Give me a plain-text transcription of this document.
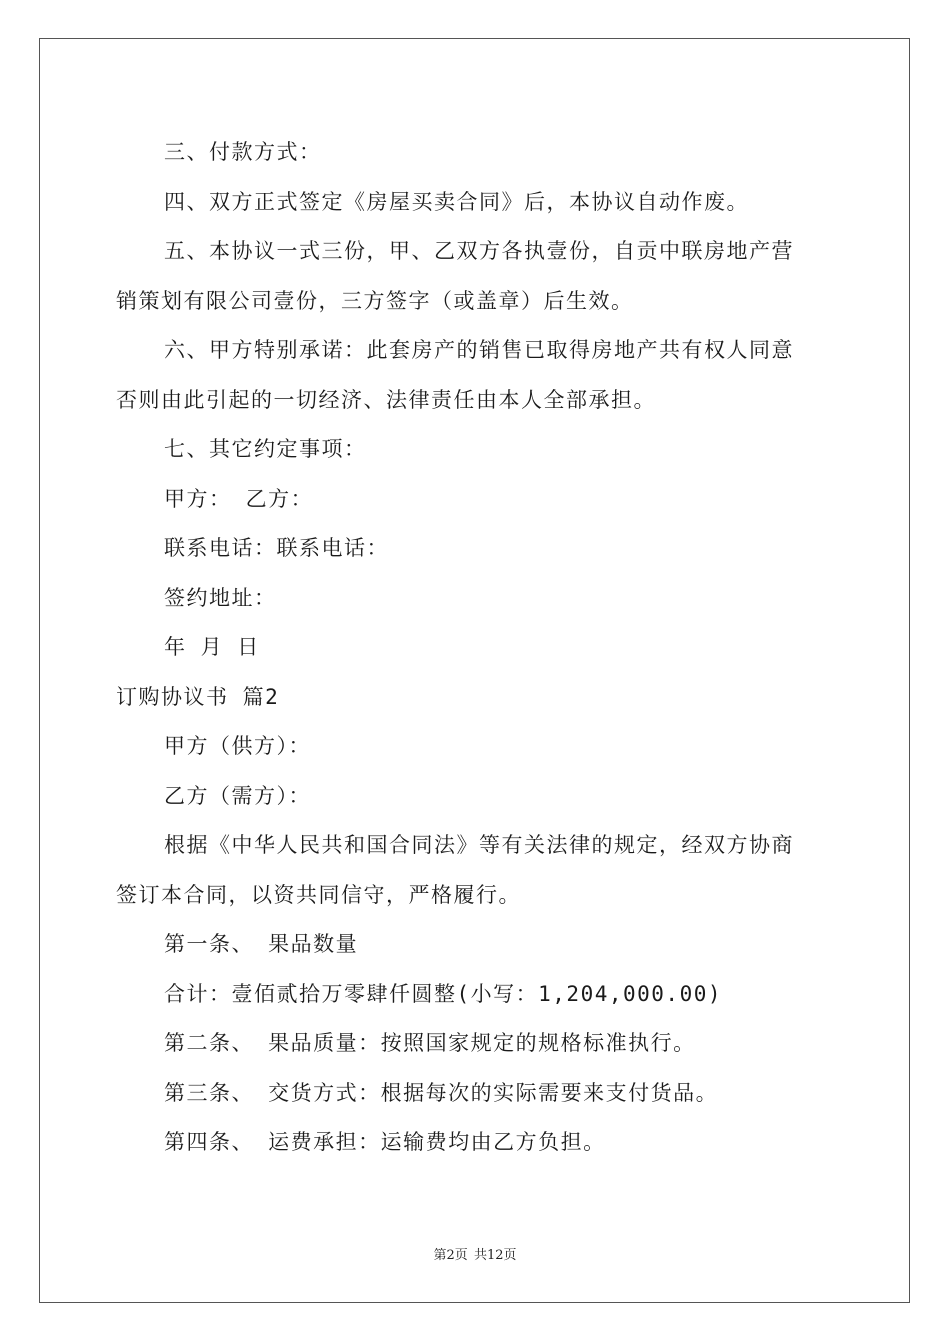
三、付款方式：
四、双方正式签定《房屋买卖合同》后，本协议自动作废。
五、本协议一式三份，甲、乙双方各执壹份，自贡中联房地产营
销策划有限公司壹份，三方签字（或盖章）后生效。
六、甲方特别承诺：此套房产的销售已取得房地产共有权人同意
否则由此引起的一切经济、法律责任由本人全部承担。
七、其它约定事项：
甲方： 乙方：
联系电话：联系电话：
签约地址：
年 月 日
订购协议书 篇2
甲方（供方）：
乙方（需方）：
根据《中华人民共和国合同法》等有关法律的规定，经双方协商
签订本合同，以资共同信守，严格履行。
第一条、 果品数量
合计：壹佰贰拾万零肆仟圆整(小写：1,204,000.00)
第二条、 果品质量：按照国家规定的规格标准执行。
第三条、 交货方式：根据每次的实际需要来支付货品。
第四条、 运费承担：运输费均由乙方负担。
第2页 共12页
